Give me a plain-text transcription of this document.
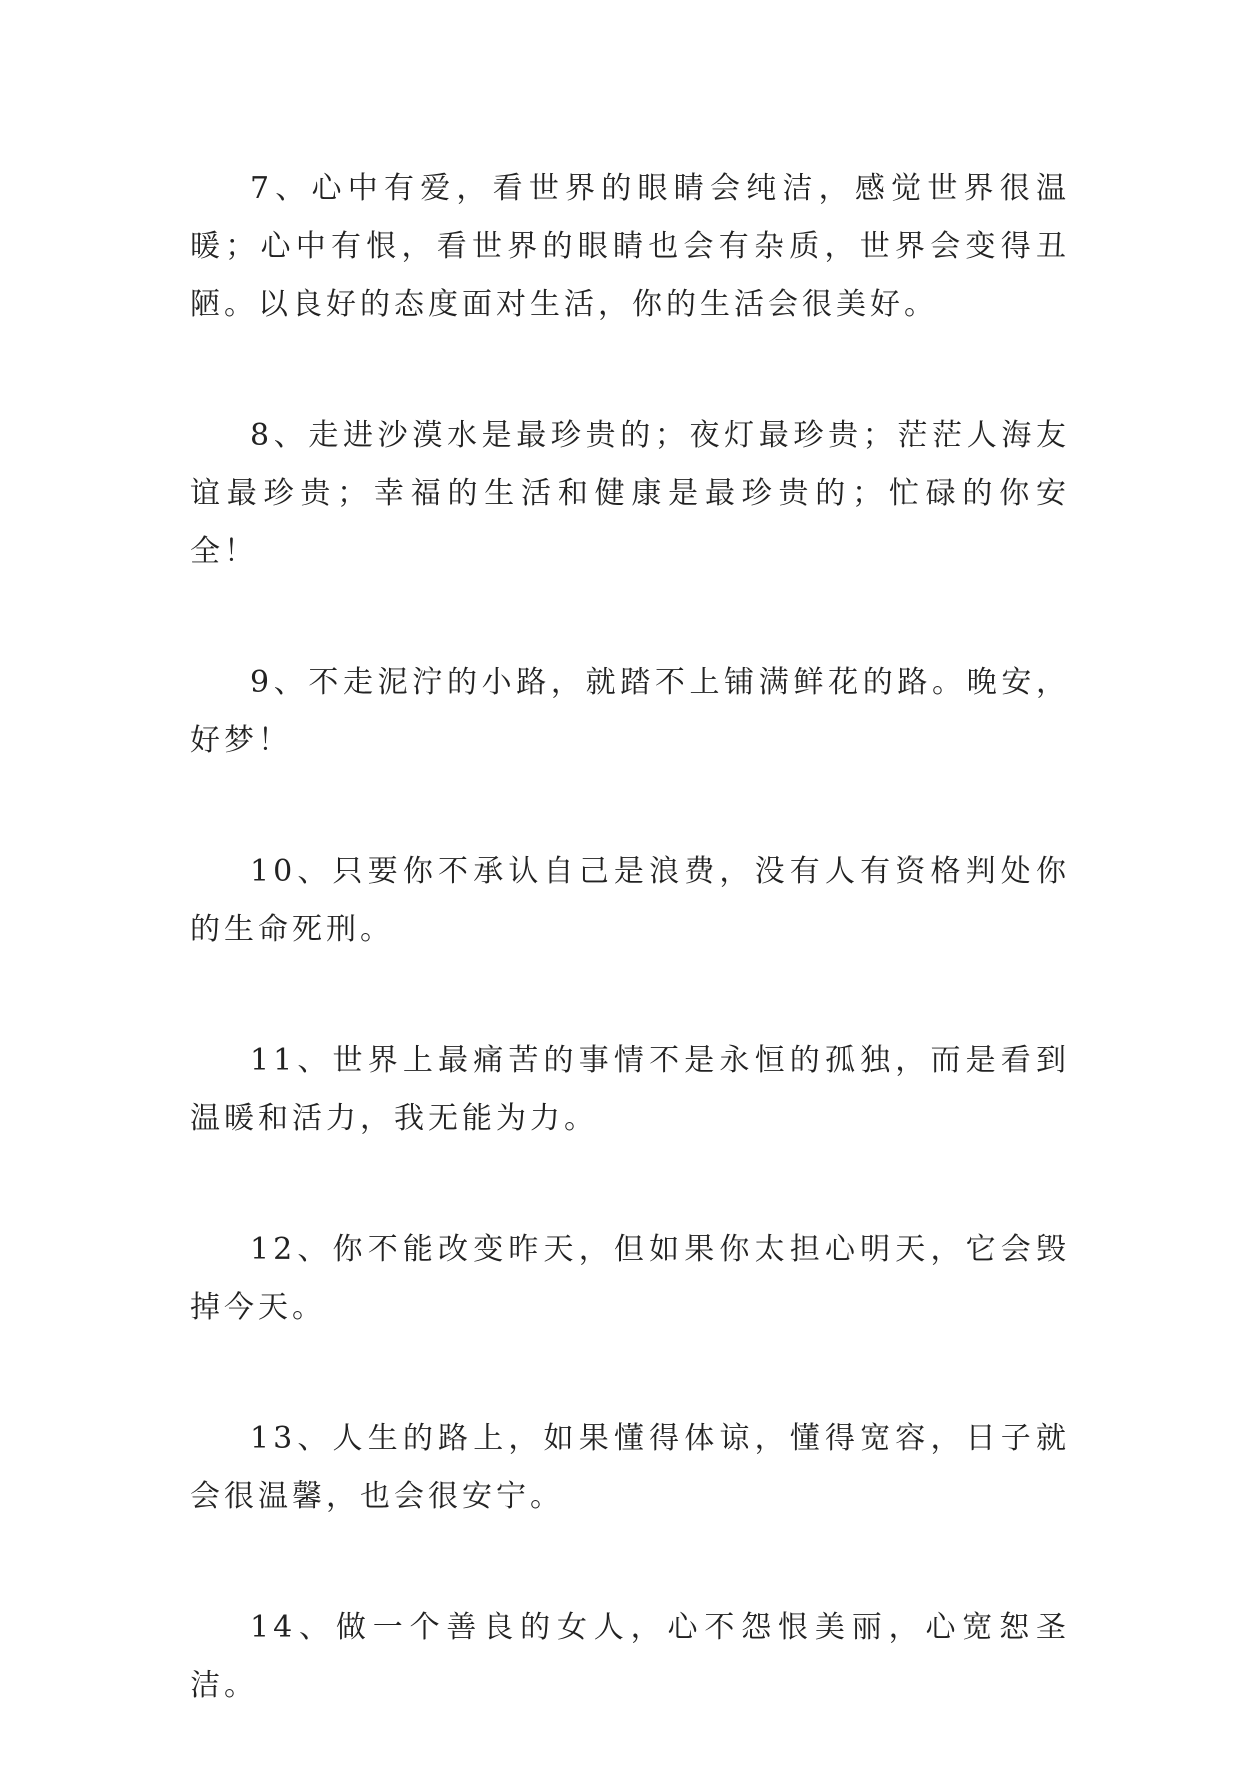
7、心中有爱，看世界的眼睛会纯洁，感觉世界很温暖；心中有恨，看世界的眼睛也会有杂质，世界会变得丑陋。以良好的态度面对生活，你的生活会很美好。

8、走进沙漠水是最珍贵的；夜灯最珍贵；茫茫人海友谊最珍贵；幸福的生活和健康是最珍贵的；忙碌的你安全！

9、不走泥泞的小路，就踏不上铺满鲜花的路。晚安，好梦！

10、只要你不承认自己是浪费，没有人有资格判处你的生命死刑。

11、世界上最痛苦的事情不是永恒的孤独，而是看到温暖和活力，我无能为力。

12、你不能改变昨天，但如果你太担心明天，它会毁掉今天。

13、人生的路上，如果懂得体谅，懂得宽容，日子就会很温馨，也会很安宁。

14、做一个善良的女人，心不怨恨美丽，心宽恕圣洁。
